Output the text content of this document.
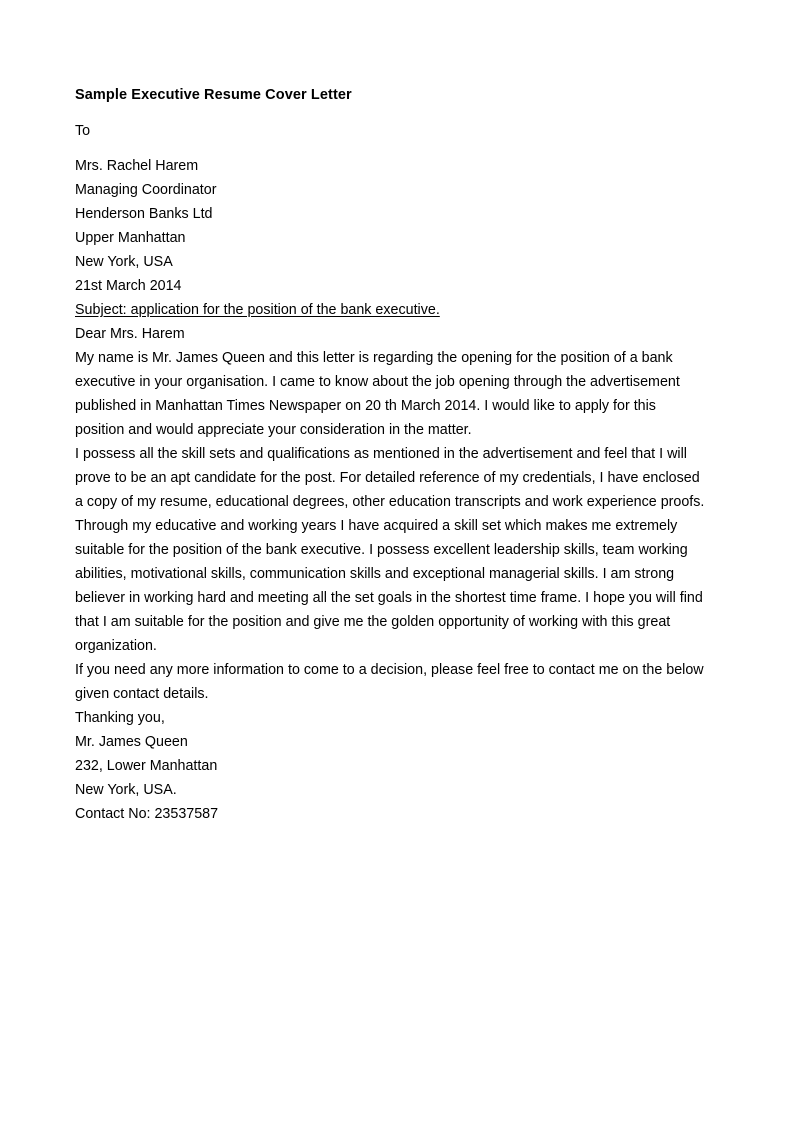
Sample Executive Resume Cover Letter

To

Mrs. Rachel Harem

Managing Coordinator

Henderson Banks Ltd

Upper Manhattan

New York, USA

21st March 2014

Subject: application for the position of the bank executive.

Dear Mrs. Harem

My name is Mr. James Queen and this letter is regarding the opening for the position of a bank executive in your organisation. I came to know about the job opening through the advertisement published in Manhattan Times Newspaper on 20 th March 2014. I would like to apply for this position and would appreciate your consideration in the matter.

I possess all the skill sets and qualifications as mentioned in the advertisement and feel that I will prove to be an apt candidate for the post. For detailed reference of my credentials, I have enclosed a copy of my resume, educational degrees, other education transcripts and work experience proofs.

Through my educative and working years I have acquired a skill set which makes me extremely suitable for the position of the bank executive. I possess excellent leadership skills, team working abilities, motivational skills, communication skills and exceptional managerial skills. I am strong believer in working hard and meeting all the set goals in the shortest time frame. I hope you will find that I am suitable for the position and give me the golden opportunity of working with this great organization.

If you need any more information to come to a decision, please feel free to contact me on the below given contact details.

Thanking you,

Mr. James Queen

232, Lower Manhattan

New York, USA.

Contact No: 23537587
